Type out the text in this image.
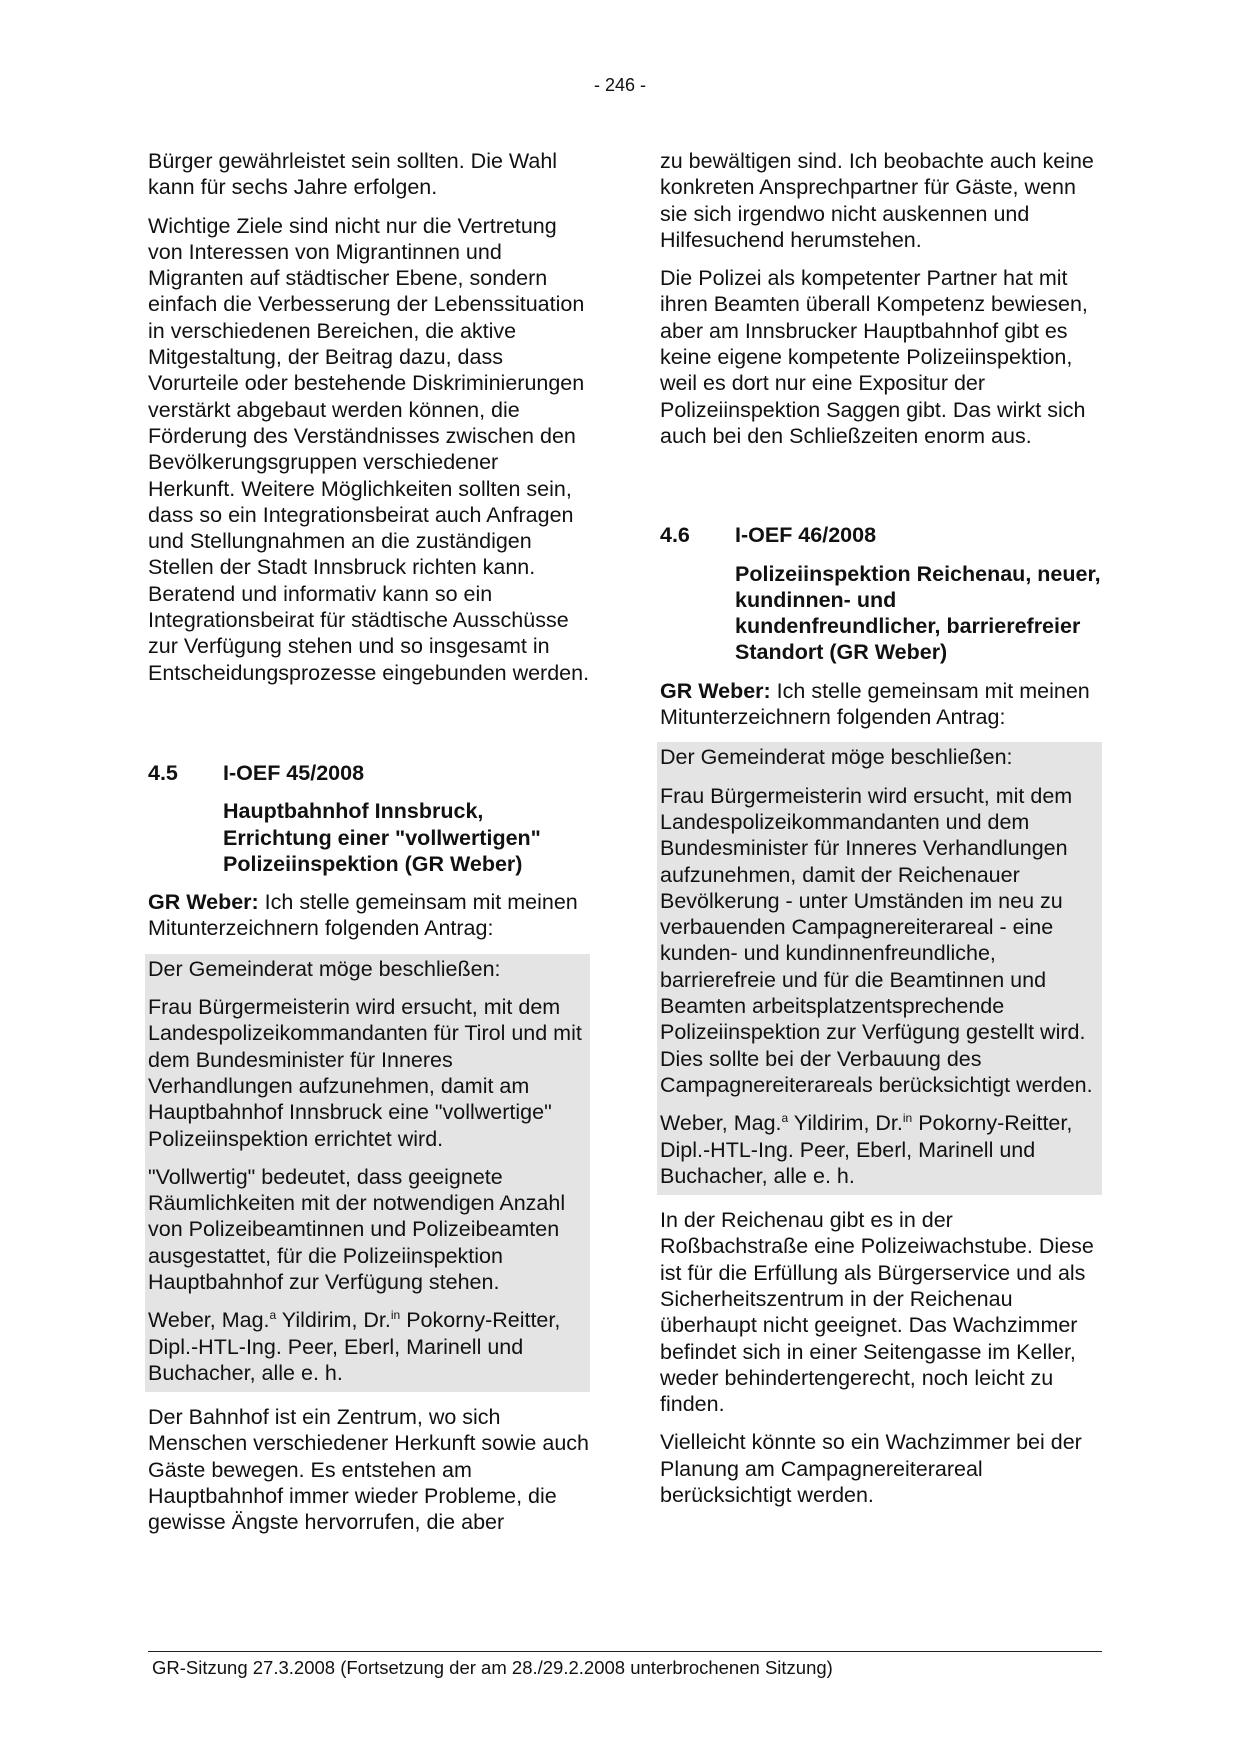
- 246 -

Bürger gewährleistet sein sollten. Die Wahl kann für sechs Jahre erfolgen.

Wichtige Ziele sind nicht nur die Vertretung von Interessen von Migrantinnen und Migranten auf städtischer Ebene, sondern einfach die Verbesserung der Lebenssituation in verschiedenen Bereichen, die aktive Mitgestaltung, der Beitrag dazu, dass Vorurteile oder bestehende Diskriminierungen verstärkt abgebaut werden können, die Förderung des Verständnisses zwischen den Bevölkerungsgruppen verschiedener Herkunft. Weitere Möglichkeiten sollten sein, dass so ein Integrationsbeirat auch Anfragen und Stellungnahmen an die zuständigen Stellen der Stadt Innsbruck richten kann. Beratend und informativ kann so ein Integrationsbeirat für städtische Ausschüsse zur Verfügung stehen und so insgesamt in Entscheidungsprozesse eingebunden werden.

4.5	I-OEF 45/2008
Hauptbahnhof Innsbruck, Errichtung einer "vollwertigen" Polizeiinspektion (GR Weber)

GR Weber: Ich stelle gemeinsam mit meinen Mitunterzeichnern folgenden Antrag:

Der Gemeinderat möge beschließen:

Frau Bürgermeisterin wird ersucht, mit dem Landespolizeikommandanten für Tirol und mit dem Bundesminister für Inneres Verhandlungen aufzunehmen, damit am Hauptbahnhof Innsbruck eine "vollwertige" Polizeiinspektion errichtet wird.

"Vollwertig" bedeutet, dass geeignete Räumlichkeiten mit der notwendigen Anzahl von Polizeibeamtinnen und Polizeibeamten ausgestattet, für die Polizeiinspektion Hauptbahnhof zur Verfügung stehen.

Weber, Mag.$^a$ Yildirim, Dr.$^{in}$ Pokorny-Reitter, Dipl.-HTL-Ing. Peer, Eberl, Marinell und Buchacher, alle e. h.

Der Bahnhof ist ein Zentrum, wo sich Menschen verschiedener Herkunft sowie auch Gäste bewegen. Es entstehen am Hauptbahnhof immer wieder Probleme, die gewisse Ängste hervorrufen, die aber

zu bewältigen sind. Ich beobachte auch keine konkreten Ansprechpartner für Gäste, wenn sie sich irgendwo nicht auskennen und Hilfesuchend herumstehen.

Die Polizei als kompetenter Partner hat mit ihren Beamten überall Kompetenz bewiesen, aber am Innsbrucker Hauptbahnhof gibt es keine eigene kompetente Polizeiinspektion, weil es dort nur eine Expositur der Polizeiinspektion Saggen gibt. Das wirkt sich auch bei den Schließzeiten enorm aus.

4.6	I-OEF 46/2008
Polizeiinspektion Reichenau, neuer, kundinnen- und kundenfreundlicher, barrierefreier Standort (GR Weber)

GR Weber: Ich stelle gemeinsam mit meinen Mitunterzeichnern folgenden Antrag:

Der Gemeinderat möge beschließen:

Frau Bürgermeisterin wird ersucht, mit dem Landespolizeikommandanten und dem Bundesminister für Inneres Verhandlungen aufzunehmen, damit der Reichenauer Bevölkerung - unter Umständen im neu zu verbauenden Campagnereiterareal - eine kunden- und kundinnenfreundliche, barrierefreie und für die Beamtinnen und Beamten arbeitsplatzentsprechende Polizeiinspektion zur Verfügung gestellt wird. Dies sollte bei der Verbauung des Campagnereiterareals berücksichtigt werden.

Weber, Mag.$^a$ Yildirim, Dr.$^{in}$ Pokorny-Reitter, Dipl.-HTL-Ing. Peer, Eberl, Marinell und Buchacher, alle e. h.

In der Reichenau gibt es in der Roßbachstraße eine Polizeiwachstube. Diese ist für die Erfüllung als Bürgerservice und als Sicherheitszentrum in der Reichenau überhaupt nicht geeignet. Das Wachzimmer befindet sich in einer Seitengasse im Keller, weder behindertengerecht, noch leicht zu finden.

Vielleicht könnte so ein Wachzimmer bei der Planung am Campagnereiterareal berücksichtigt werden.

GR-Sitzung 27.3.2008 (Fortsetzung der am 28./29.2.2008 unterbrochenen Sitzung)
